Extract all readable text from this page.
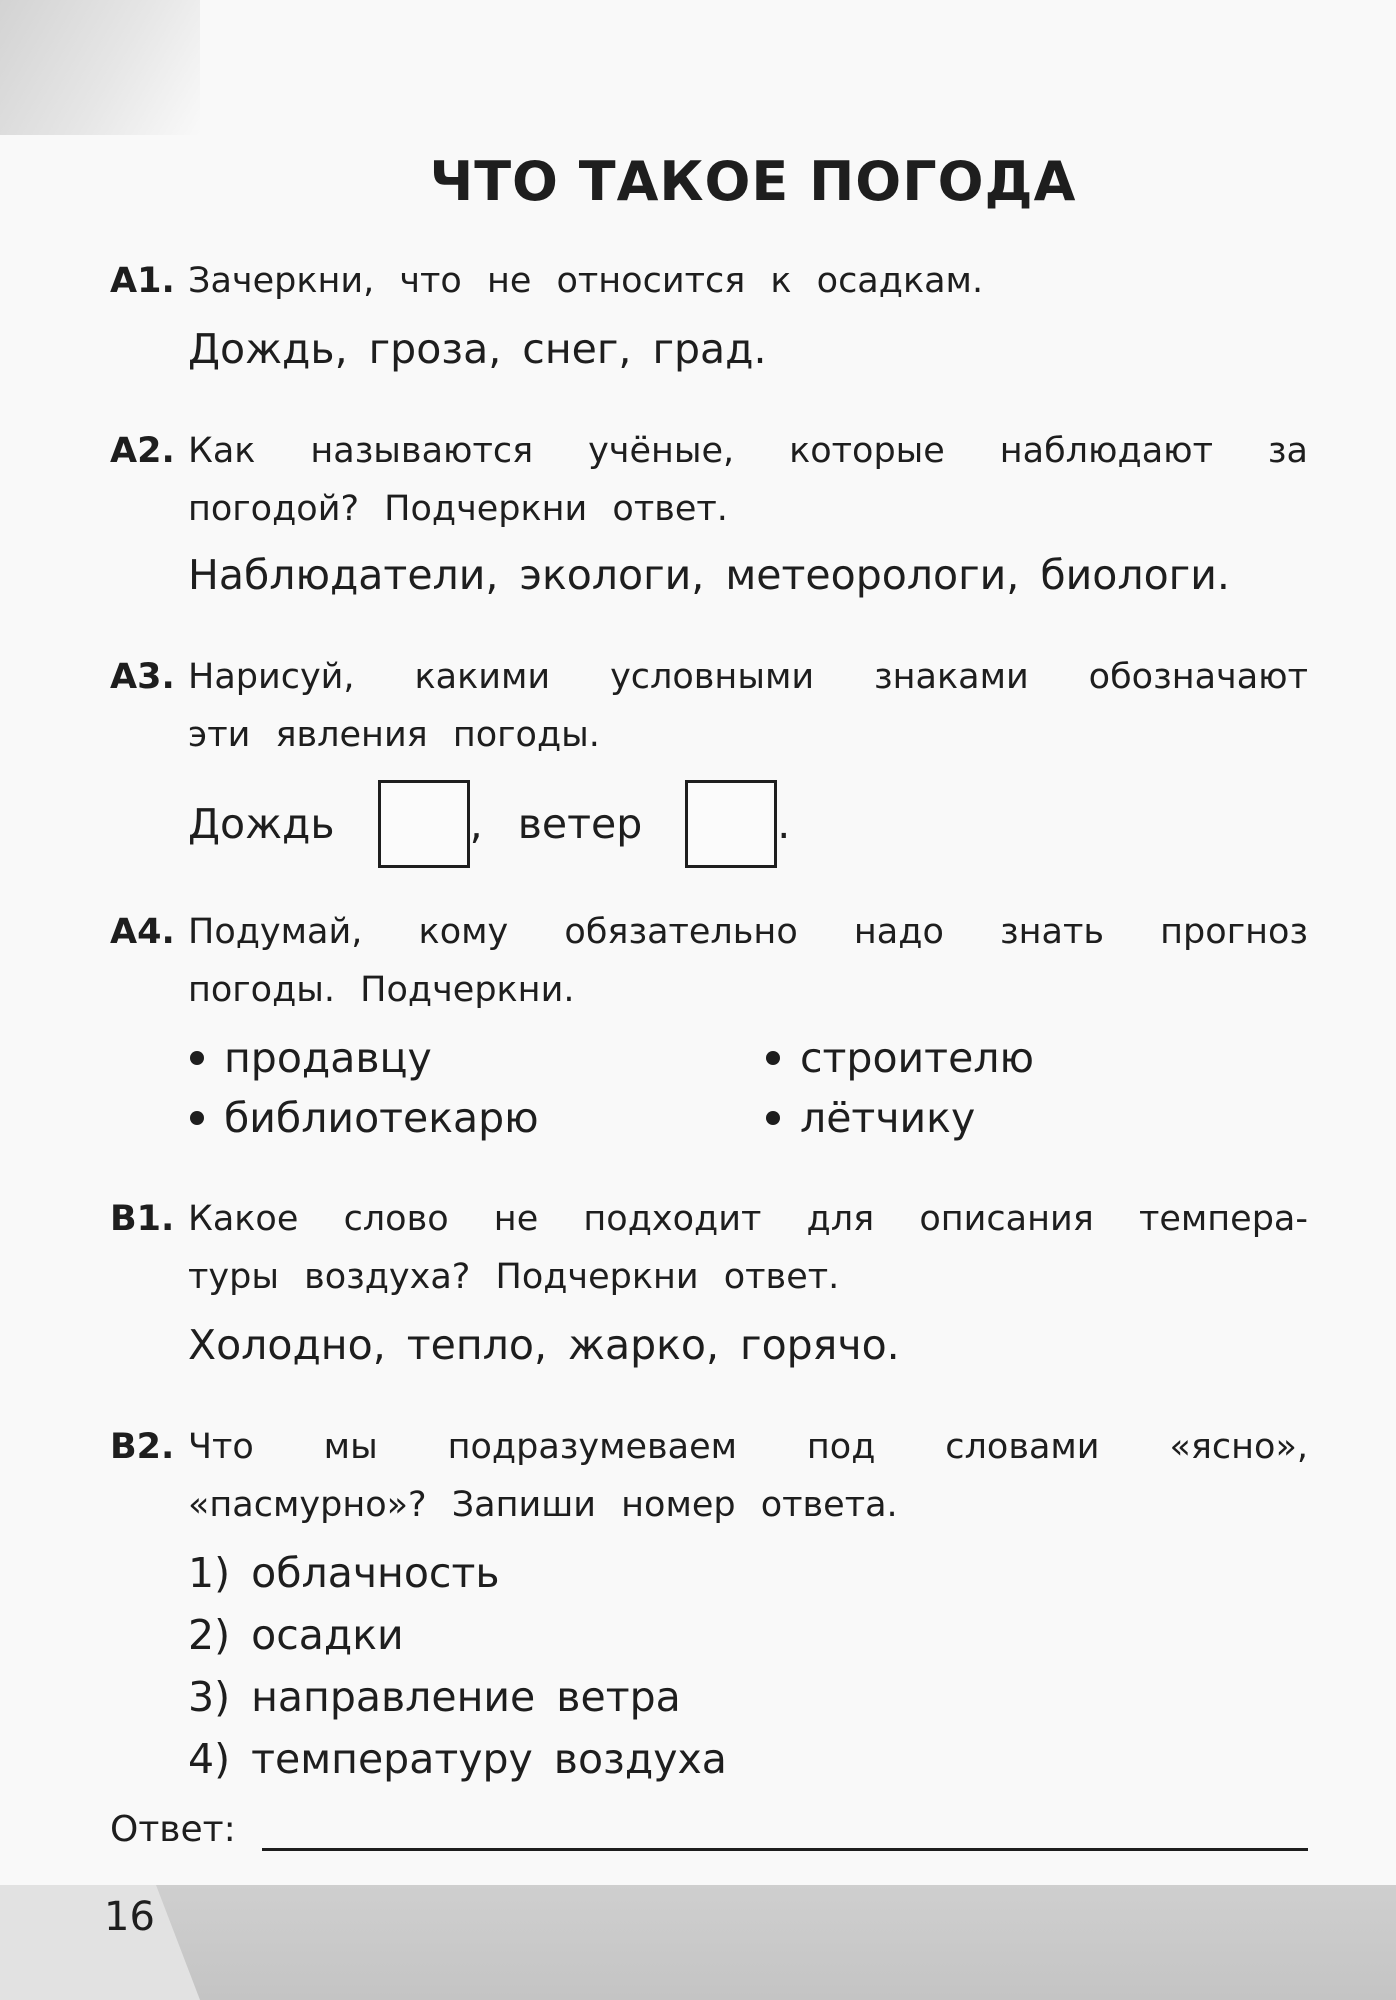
ЧТО ТАКОЕ ПОГОДА
А1. Зачеркни, что не относится к осадкам.
Дождь, гроза, снег, град.
А2. Как называются учёные, которые наблюдают за
погодой? Подчеркни ответ.
Наблюдатели, экологи, метеорологи, биологи.
А3. Нарисуй, какими условными знаками обозначают
эти явления погоды.
Дождь	, ветер	.
А4. Подумай, кому обязательно надо знать прогноз
погоды. Подчеркни.
продавцу	строителю
библиотекарю	лётчику
В1. Какое слово не подходит для описания темпера-
туры воздуха? Подчеркни ответ.
Холодно, тепло, жарко, горячо.
В2. Что мы подразумеваем под словами «ясно»,
«пасмурно»? Запиши номер ответа.
1) облачность
2) осадки
3) направление ветра
4) температуру воздуха
Ответ:
16
